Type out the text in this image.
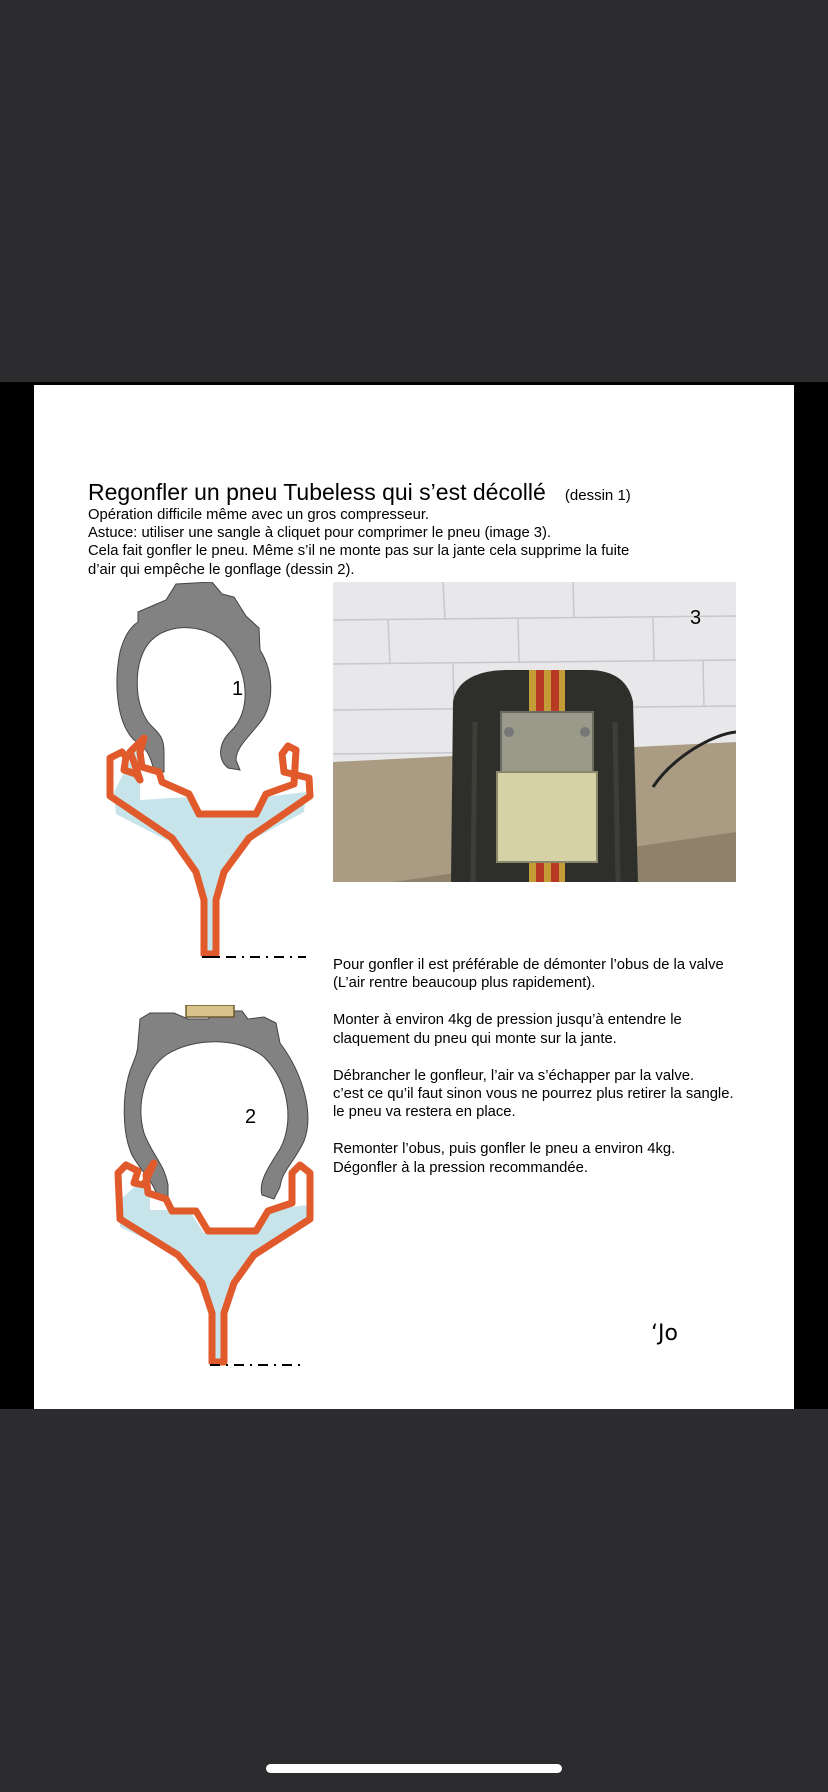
Regonfler un pneu Tubeless qui s’est décollé (dessin 1)
Opération difficile même avec un gros compresseur.
Astuce: utiliser une sangle à cliquet pour comprimer le pneu (image 3).
Cela fait gonfler le pneu. Même s’il ne monte pas sur la jante cela supprime la fuite
d’air qui empêche le gonflage (dessin 2).
1
3

Pour gonfler il est préférable de démonter l’obus de la valve
(L’air rentre beaucoup plus rapidement).

Monter à environ 4kg de pression jusqu’à entendre le
claquement du pneu qui monte sur la jante.

Débrancher le gonfleur, l’air va s’échapper par la valve.
c’est ce qu’il faut sinon vous ne pourrez plus retirer la sangle.
le pneu va restera en place.

Remonter l’obus, puis gonfler le pneu a environ 4kg.
Dégonfler à la pression recommandée.

2
‘Jo
